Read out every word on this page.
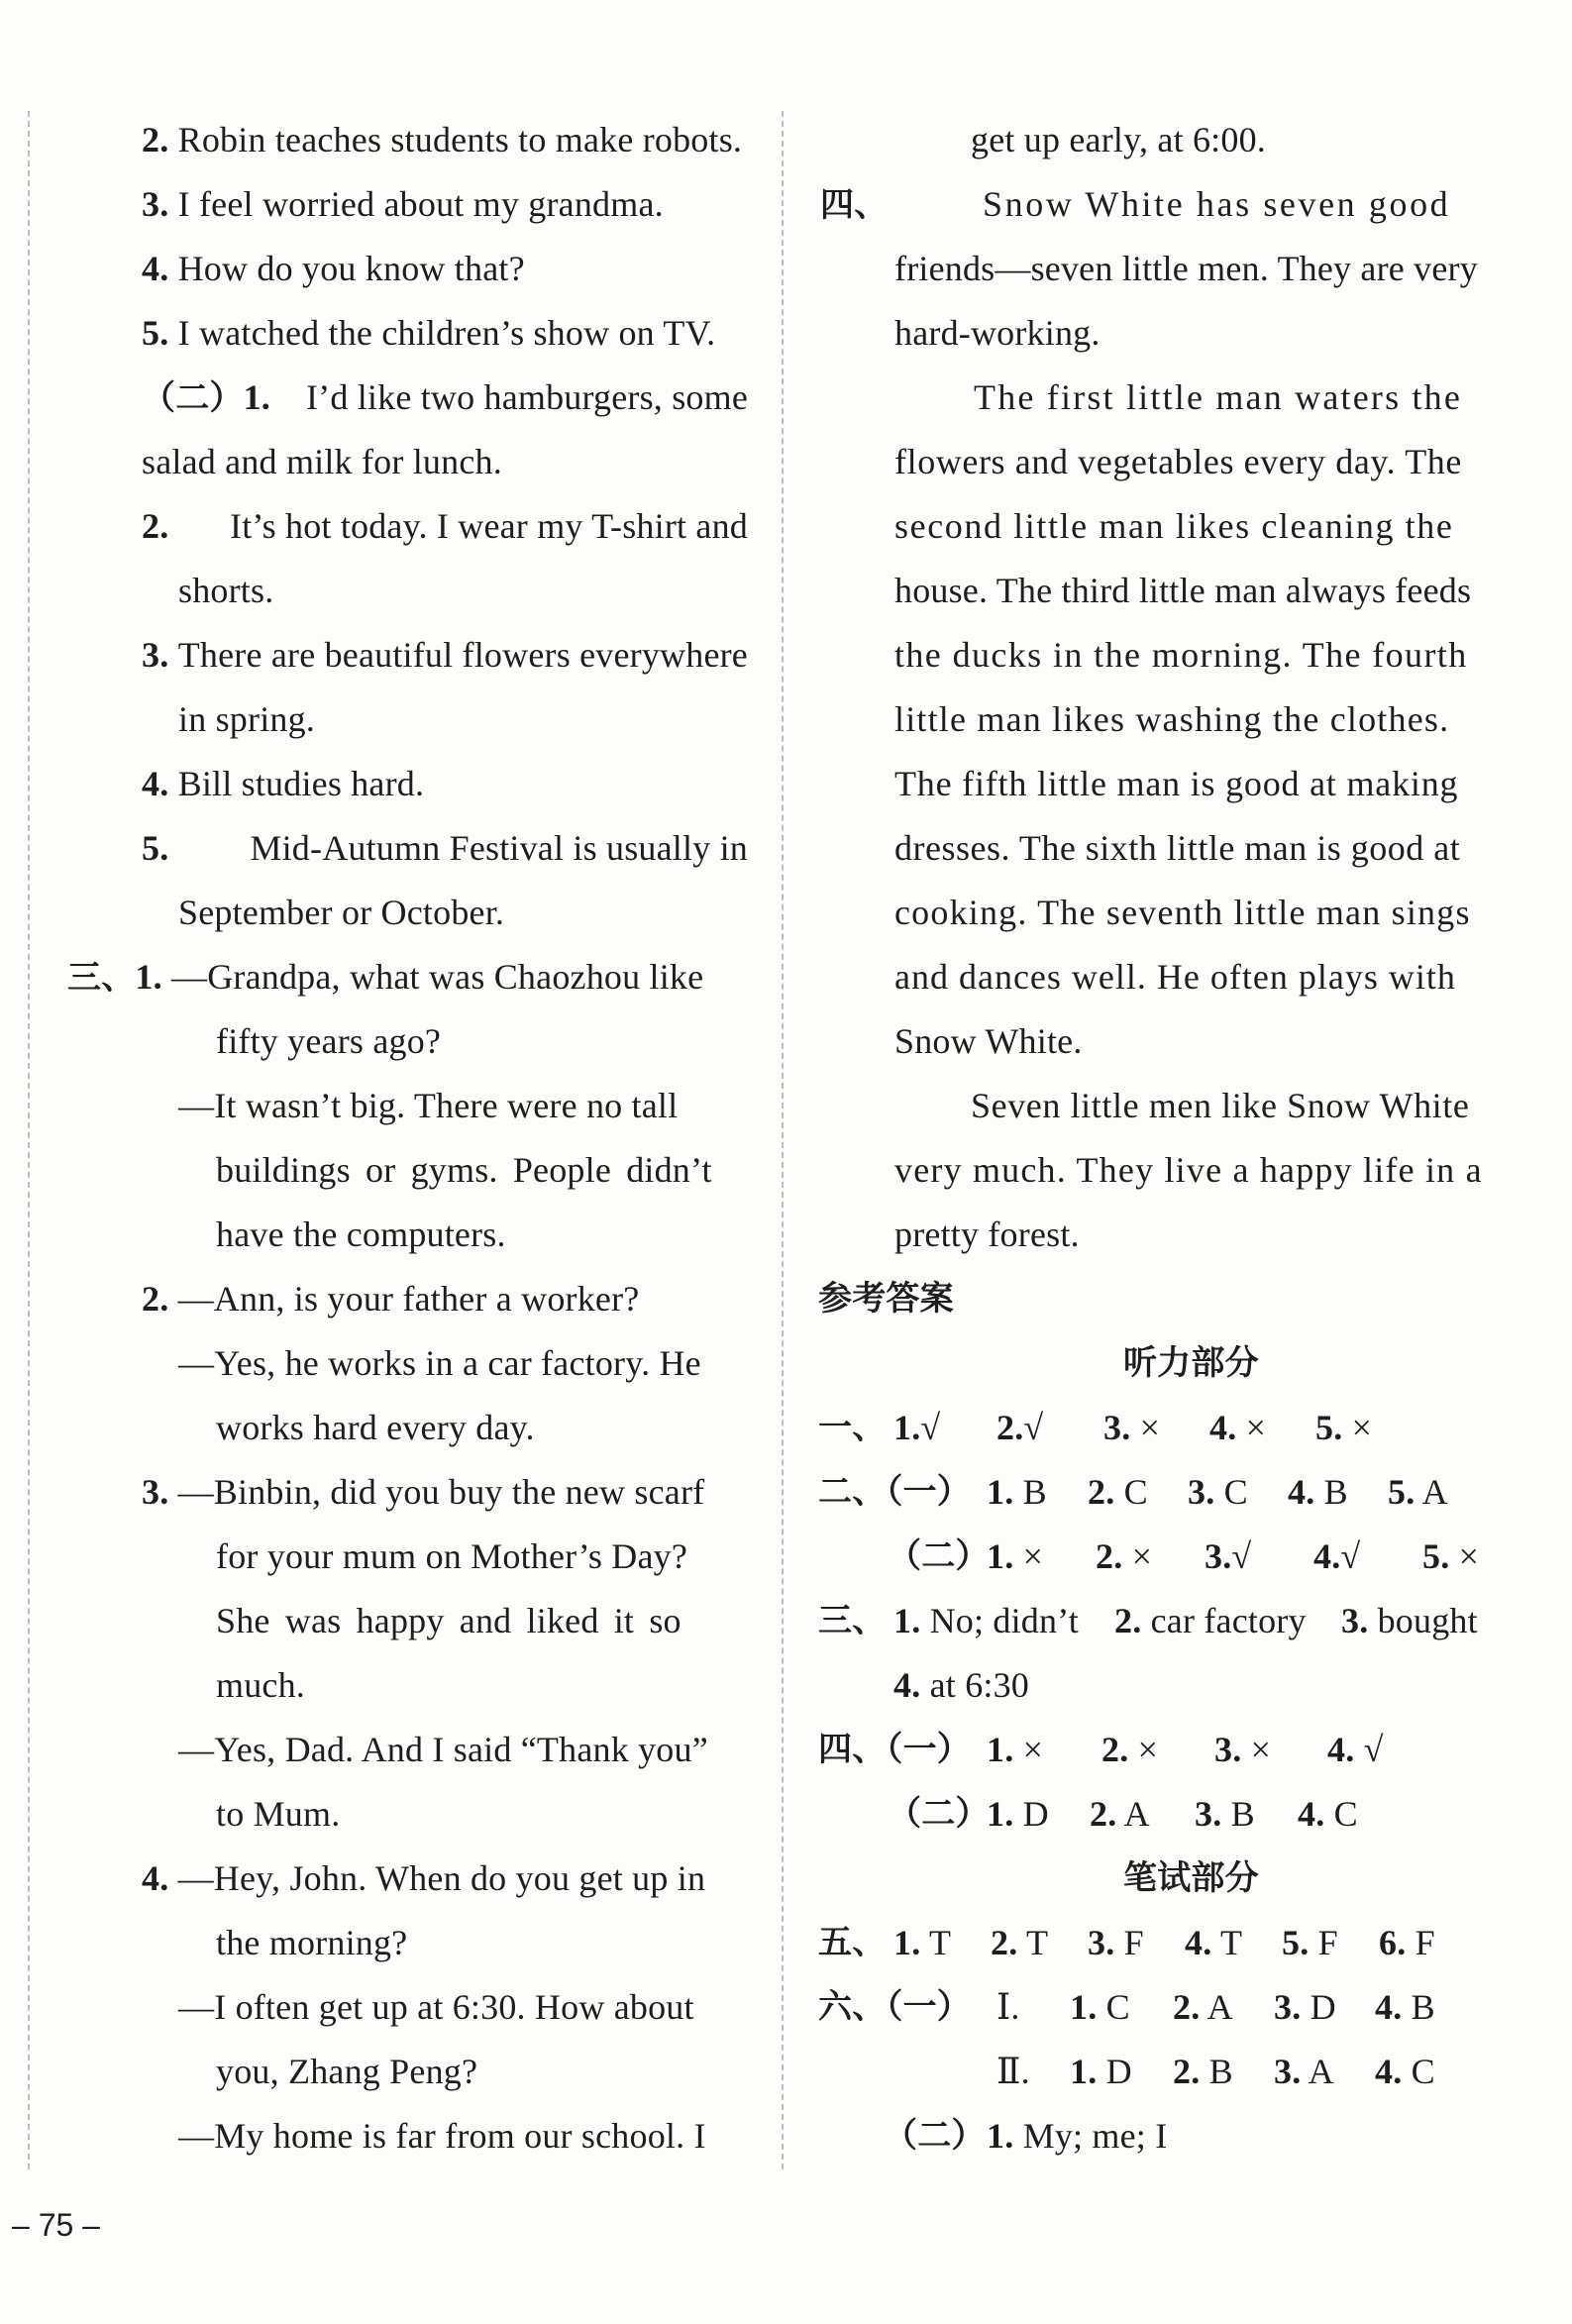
2. Robin teaches students to make robots.
3. I feel worried about my grandma.
4. How do you know that?
5. I watched the children’s show on TV.
（二）1. I’d like two hamburgers, some
salad and milk for lunch.
2. It’s hot today. I wear my T-shirt and
shorts.
3. There are beautiful flowers everywhere
in spring.
4. Bill studies hard.
5. Mid-Autumn Festival is usually in
September or October.
三、1. —Grandpa, what was Chaozhou like
fifty years ago?
—It wasn’t big. There were no tall
buildings or gyms. People didn’t
have the computers.
2. —Ann, is your father a worker?
—Yes, he works in a car factory. He
works hard every day.
3. —Binbin, did you buy the new scarf
for your mum on Mother’s Day?
She was happy and liked it so
much.
—Yes, Dad. And I said “Thank you”
to Mum.
4. —Hey, John. When do you get up in
the morning?
—I often get up at 6:30. How about
you, Zhang Peng?
—My home is far from our school. I
get up early, at 6:00.
四、	Snow White has seven good
friends—seven little men. They are very
hard-working.
The first little man waters the
flowers and vegetables every day. The
second little man likes cleaning the
house. The third little man always feeds
the ducks in the morning. The fourth
little man likes washing the clothes.
The fifth little man is good at making
dresses. The sixth little man is good at
cooking. The seventh little man sings
and dances well. He often plays with
Snow White.
Seven little men like Snow White
very much. They live a happy life in a
pretty forest.
参考答案
听力部分
一、 1.√ 2.√ 3. × 4. × 5. ×
二、（一） 1. B 2. C 3. C 4. B 5. A
（二）
1. × 2. × 3.√ 4.√ 5. ×
三、 1. No; didn’t 2. car factory 3. bought
4. at 6:30
四、（一） 1. × 2. × 3. × 4. √
（二）
1. D 2. A 3. B 4. C
笔试部分
五、 1. T 2. T 3. F 4. T 5. F 6. F
六、（一） Ⅰ. 1. C 2. A 3. D 4. B
Ⅱ. 1. D 2. B 3. A 4. C
（二） 1. My; me; I
– 75 –
